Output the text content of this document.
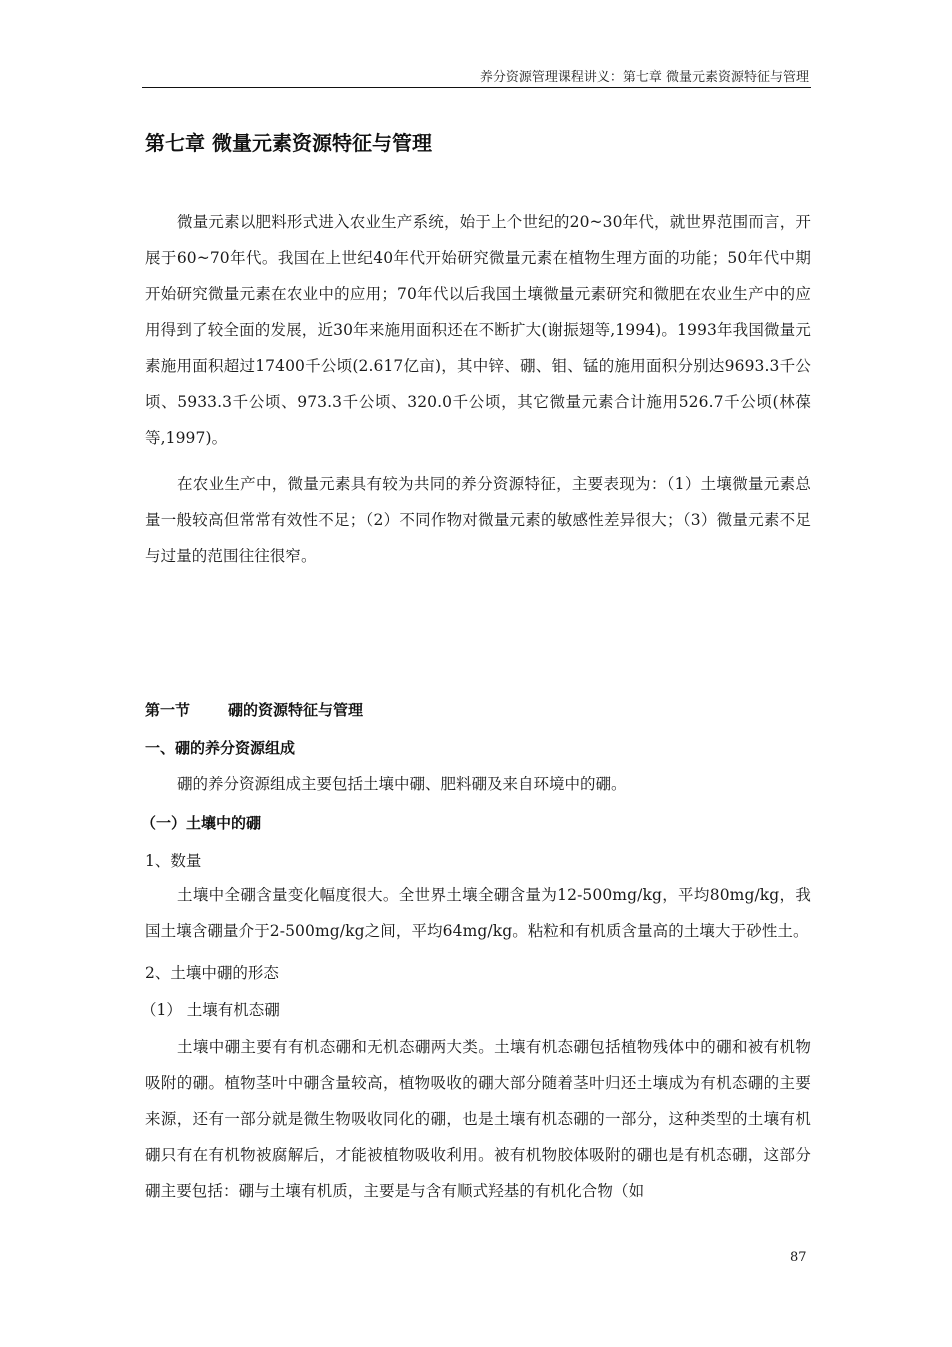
养分资源管理课程讲义：第七章 微量元素资源特征与管理
第七章 微量元素资源特征与管理
微量元素以肥料形式进入农业生产系统，始于上个世纪的20~30年代，就世界范围而言，开展于60~70年代。我国在上世纪40年代开始研究微量元素在植物生理方面的功能；50年代中期开始研究微量元素在农业中的应用；70年代以后我国土壤微量元素研究和微肥在农业生产中的应用得到了较全面的发展，近30年来施用面积还在不断扩大(谢振翅等,1994)。1993年我国微量元素施用面积超过17400千公顷(2.617亿亩)，其中锌、硼、钼、锰的施用面积分别达9693.3千公顷、5933.3千公顷、973.3千公顷、320.0千公顷，其它微量元素合计施用526.7千公顷(林葆等,1997)。
在农业生产中，微量元素具有较为共同的养分资源特征，主要表现为：（1）土壤微量元素总量一般较高但常常有效性不足；（2）不同作物对微量元素的敏感性差异很大；（3）微量元素不足与过量的范围往往很窄。
第一节	硼的资源特征与管理
一、硼的养分资源组成
硼的养分资源组成主要包括土壤中硼、肥料硼及来自环境中的硼。
（一）土壤中的硼
1、数量
土壤中全硼含量变化幅度很大。全世界土壤全硼含量为12-500mg/kg，平均80mg/kg，我国土壤含硼量介于2-500mg/kg之间，平均64mg/kg。粘粒和有机质含量高的土壤大于砂性土。
2、土壤中硼的形态
（1） 土壤有机态硼
土壤中硼主要有有机态硼和无机态硼两大类。土壤有机态硼包括植物残体中的硼和被有机物吸附的硼。植物茎叶中硼含量较高，植物吸收的硼大部分随着茎叶归还土壤成为有机态硼的主要来源，还有一部分就是微生物吸收同化的硼，也是土壤有机态硼的一部分，这种类型的土壤有机硼只有在有机物被腐解后，才能被植物吸收利用。被有机物胶体吸附的硼也是有机态硼，这部分硼主要包括：硼与土壤有机质，主要是与含有顺式羟基的有机化合物（如
87
